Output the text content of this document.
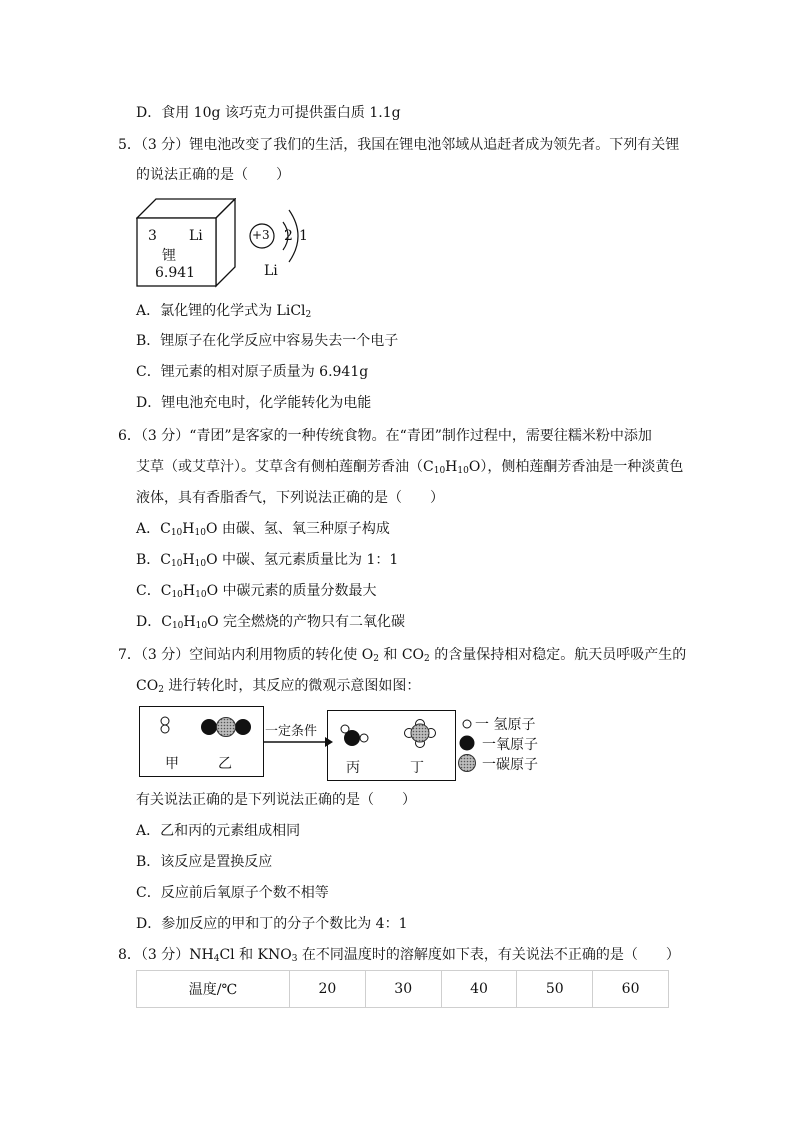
D．食用 10g 该巧克力可提供蛋白质 1.1g
5．（3 分）锂电池改变了我们的生活，我国在锂电池邻域从追赶者成为领先者。下列有关锂
的说法正确的是（　　）
3 Li
锂
6.941
+3 2 1
Li
A．氯化锂的化学式为 LiCl$_2$
B．锂原子在化学反应中容易失去一个电子
C．锂元素的相对原子质量为 6.941g
D．锂电池充电时，化学能转化为电能
6．（3 分）“青团”是客家的一种传统食物。在“青团”制作过程中，需要往糯米粉中添加
艾草（或艾草汁）。艾草含有侧柏莲酮芳香油$(C_{10}H_{10}O)$，侧柏莲酮芳香油是一种淡黄色
液体，具有香脂香气，下列说法正确的是（　　）
A．$C_{10}H_{10}O$ 由碳、氢、氧三种原子构成
B．$C_{10}H_{10}O$ 中碳、氢元素质量比为 1：1
C．$C_{10}H_{10}O$ 中碳元素的质量分数最大
D．$C_{10}H_{10}O$ 完全燃烧的产物只有二氧化碳
7．（3 分）空间站内利用物质的转化使 $O_2$ 和 $CO_2$ 的含量保持相对稳定。航天员呼吸产生的
$CO_2$ 进行转化时，其反应的微观示意图如图：
甲	乙
一定条件
丙	丁
一 氢原子
一氧原子
一碳原子
有关说法正确的是下列说法正确的是（　　）
A．乙和丙的元素组成相同
B．该反应是置换反应
C．反应前后氧原子个数不相等
D．参加反应的甲和丁的分子个数比为 4：1
8．（3 分）$NH_4Cl$ 和 $KNO_3$ 在不同温度时的溶解度如下表，有关说法不正确的是（　　）
温度/℃	20	30	40	50	60
